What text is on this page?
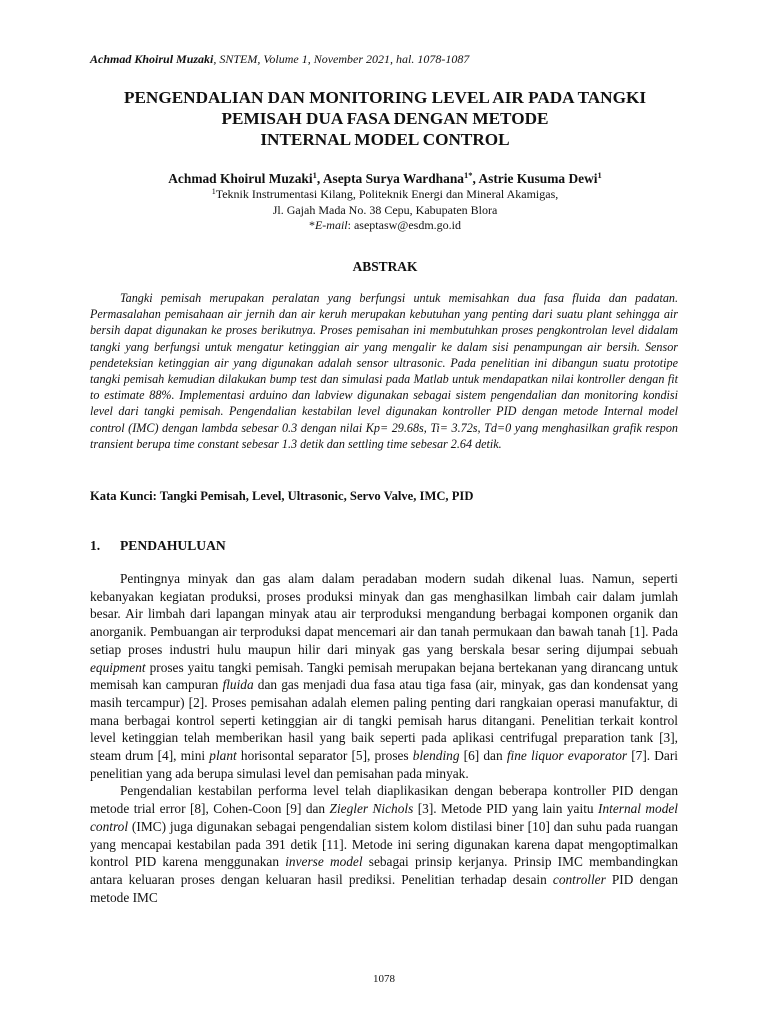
Achmad Khoirul Muzaki, SNTEM, Volume 1, November 2021, hal. 1078-1087
PENGENDALIAN DAN MONITORING LEVEL AIR PADA TANGKI
PEMISAH DUA FASA DENGAN METODE
INTERNAL MODEL CONTROL
Achmad Khoirul Muzaki$^1$, Asepta Surya Wardhana$^{1*}$, Astrie Kusuma Dewi$^1$
$^1$Teknik Instrumentasi Kilang, Politeknik Energi dan Mineral Akamigas,
Jl. Gajah Mada No. 38 Cepu, Kabupaten Blora
*E-mail: aseptasw@esdm.go.id
ABSTRAK
Tangki pemisah merupakan peralatan yang berfungsi untuk memisahkan dua fasa fluida dan padatan. Permasalahan pemisahaan air jernih dan air keruh merupakan kebutuhan yang penting dari suatu plant sehingga air bersih dapat digunakan ke proses berikutnya. Proses pemisahan ini membutuhkan proses pengkontrolan level didalam tangki yang berfungsi untuk mengatur ketinggian air yang mengalir ke dalam sisi penampungan air bersih. Sensor pendeteksian ketinggian air yang digunakan adalah sensor ultrasonic. Pada penelitian ini dibangun suatu prototipe tangki pemisah kemudian dilakukan bump test dan simulasi pada Matlab untuk mendapatkan nilai kontroller dengan fit to estimate 88%. Implementasi arduino dan labview digunakan sebagai sistem pengendalian dan monitoring kondisi level dari tangki pemisah. Pengendalian kestabilan level digunakan kontroller PID dengan metode Internal model control (IMC) dengan lambda sebesar 0.3 dengan nilai Kp= 29.68s, Ti= 3.72s, Td=0 yang menghasilkan grafik respon transient berupa time constant sebesar 1.3 detik dan settling time sebesar 2.64 detik.
Kata Kunci: Tangki Pemisah, Level, Ultrasonic, Servo Valve, IMC, PID
1. PENDAHULUAN

Pentingnya minyak dan gas alam dalam peradaban modern sudah dikenal luas. Namun, seperti kebanyakan kegiatan produksi, proses produksi minyak dan gas menghasilkan limbah cair dalam jumlah besar. Air limbah dari lapangan minyak atau air terproduksi mengandung berbagai komponen organik dan anorganik. Pembuangan air terproduksi dapat mencemari air dan tanah permukaan dan bawah tanah [1]. Pada setiap proses industri hulu maupun hilir dari minyak gas yang berskala besar sering dijumpai sebuah equipment proses yaitu tangki pemisah. Tangki pemisah merupakan bejana bertekanan yang dirancang untuk memisah kan campuran fluida dan gas menjadi dua fasa atau tiga fasa (air, minyak, gas dan kondensat yang masih tercampur) [2]. Proses pemisahan adalah elemen paling penting dari rangkaian operasi manufaktur, di mana berbagai kontrol seperti ketinggian air di tangki pemisah harus ditangani. Penelitian terkait kontrol level ketinggian telah memberikan hasil yang baik seperti pada aplikasi centrifugal preparation tank [3], steam drum [4], mini plant horisontal separator [5], proses blending [6] dan fine liquor evaporator [7]. Dari penelitian yang ada berupa simulasi level dan pemisahan pada minyak.

Pengendalian kestabilan performa level telah diaplikasikan dengan beberapa kontroller PID dengan metode trial error [8], Cohen-Coon [9] dan Ziegler Nichols [3]. Metode PID yang lain yaitu Internal model control (IMC) juga digunakan sebagai pengendalian sistem kolom distilasi biner [10] dan suhu pada ruangan yang mencapai kestabilan pada 391 detik [11]. Metode ini sering digunakan karena dapat mengoptimalkan kontrol PID karena menggunakan inverse model sebagai prinsip kerjanya. Prinsip IMC membandingkan antara keluaran proses dengan keluaran hasil prediksi. Penelitian terhadap desain controller PID dengan metode IMC

1078
